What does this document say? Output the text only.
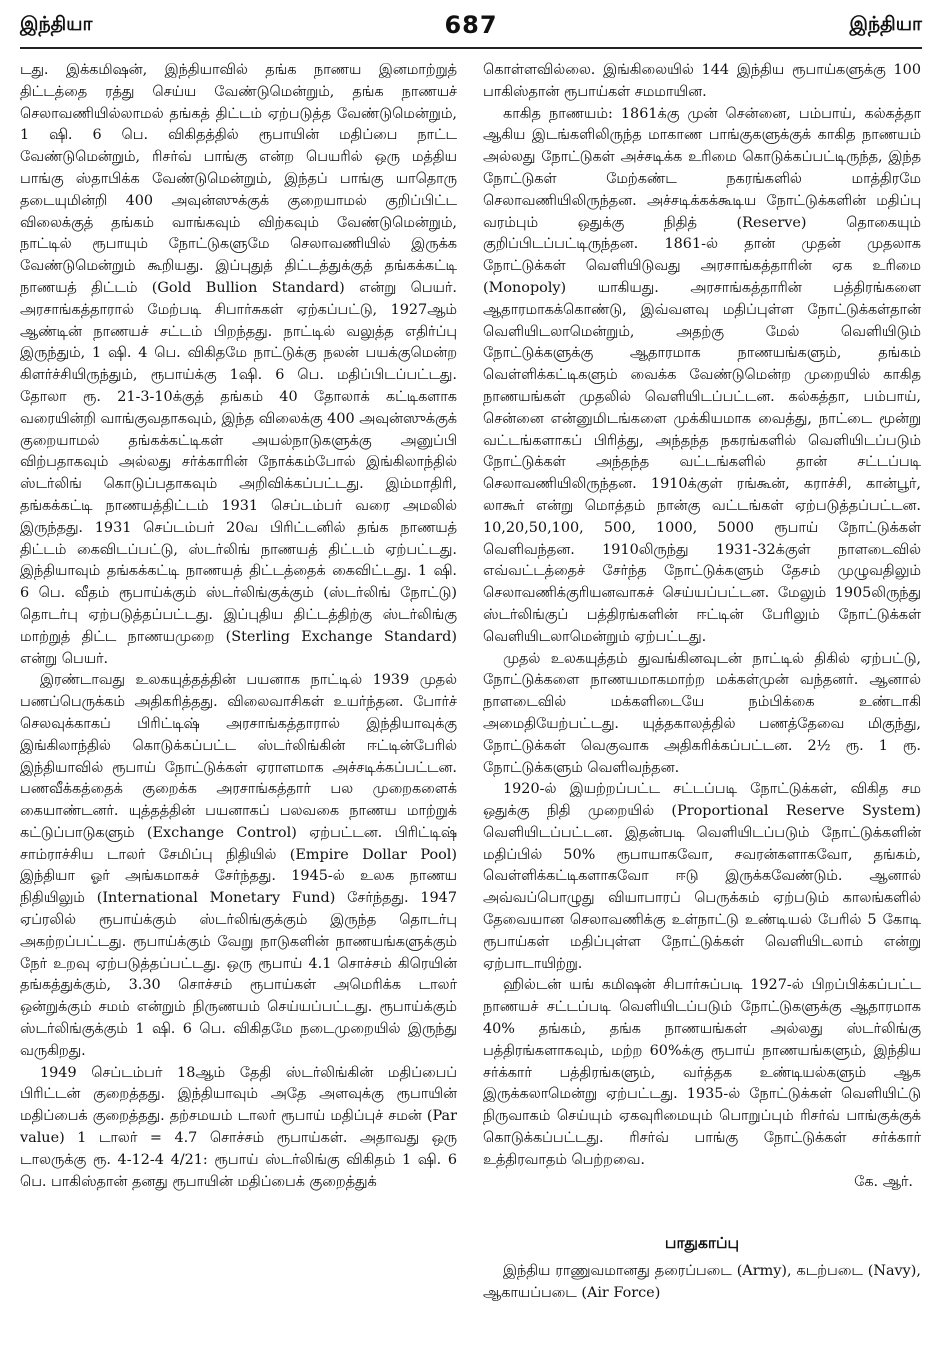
இந்தியா	687	இந்தியா

டது. இக்கமிஷன், இந்தியாவில் தங்க நாணய இனமாற்றுத் திட்டத்தை ரத்து செய்ய வேண்டுமென்றும், தங்க நாணயச் செலாவணியில்லாமல் தங்கத் திட்டம் ஏற்படுத்த வேண்டுமென்றும், 1 ஷி. 6 பெ. விகிதத்தில் ரூபாயின் மதிப்பை நாட்ட வேண்டுமென்றும், ரிசர்வ் பாங்கு என்ற பெயரில் ஒரு மத்திய பாங்கு ஸ்தாபிக்க வேண்டுமென்றும், இந்தப் பாங்கு யாதொரு தடையுமின்றி 400 அவுன்ஸுக்குக் குறையாமல் குறிப்பிட்ட விலைக்குத் தங்கம் வாங்கவும் விற்கவும் வேண்டுமென்றும், நாட்டில் ரூபாயும் நோட்டுகளுமே செலாவணியில் இருக்க வேண்டுமென்றும் கூறியது. இப்புதுத் திட்டத்துக்குத் தங்கக்கட்டி நாணயத் திட்டம் (Gold Bullion Standard) என்று பெயர். அரசாங்கத்தாரால் மேற்படி சிபார்சுகள் ஏற்கப்பட்டு, 1927ஆம் ஆண்டின் நாணயச் சட்டம் பிறந்தது. நாட்டில் வலுத்த எதிர்ப்பு இருந்தும், 1 ஷி. 4 பெ. விகிதமே நாட்டுக்கு நலன் பயக்குமென்ற கிளர்ச்சியிருந்தும், ரூபாய்க்கு 1ஷி. 6 பெ. மதிப்பிடப்பட்டது. தோலா ரூ. 21-3-10க்குத் தங்கம் 40 தோலாக் கட்டிகளாக வரையின்றி வாங்குவதாகவும், இந்த விலைக்கு 400 அவுன்ஸுக்குக் குறையாமல் தங்கக்கட்டிகள் அயல்நாடுகளுக்கு அனுப்பி விற்பதாகவும் அல்லது சர்க்காரின் நோக்கம்போல் இங்கிலாந்தில் ஸ்டர்லிங் கொடுப்பதாகவும் அறிவிக்கப்பட்டது. இம்மாதிரி, தங்கக்கட்டி நாணயத்திட்டம் 1931 செப்டம்பர் வரை அமலில் இருந்தது. 1931 செப்டம்பர் 20வ பிரிட்டனில் தங்க நாணயத் திட்டம் கைவிடப்பட்டு, ஸ்டர்லிங் நாணயத் திட்டம் ஏற்பட்டது. இந்தியாவும் தங்கக்கட்டி நாணயத் திட்டத்தைக் கைவிட்டது. 1 ஷி. 6 பெ. வீதம் ரூபாய்க்கும் ஸ்டர்லிங்குக்கும் (ஸ்டர்லிங் நோட்டு) தொடர்பு ஏற்படுத்தப்பட்டது. இப்புதிய திட்டத்திற்கு ஸ்டர்லிங்கு மாற்றுத் திட்ட நாணயமுறை (Sterling Exchange Standard) என்று பெயர்.

இரண்டாவது உலகயுத்தத்தின் பயனாக நாட்டில் 1939 முதல் பணப்பெருக்கம் அதிகரித்தது. விலைவாசிகள் உயர்ந்தன. போர்ச் செலவுக்காகப் பிரிட்டிஷ் அரசாங்கத்தாரால் இந்தியாவுக்கு இங்கிலாந்தில் கொடுக்கப்பட்ட ஸ்டர்லிங்கின் ஈட்டின்பேரில் இந்தியாவில் ரூபாய் நோட்டுக்கள் ஏராளமாக அச்சடிக்கப்பட்டன. பணவீக்கத்தைக் குறைக்க அரசாங்கத்தார் பல முறைகளைக் கையாண்டனர். யுத்தத்தின் பயனாகப் பலவகை நாணய மாற்றுக் கட்டுப்பாடுகளும் (Exchange Control) ஏற்பட்டன. பிரிட்டிஷ் சாம்ராச்சிய டாலர் சேமிப்பு நிதியில் (Empire Dollar Pool) இந்தியா ஓர் அங்கமாகச் சேர்ந்தது. 1945-ல் உலக நாணய நிதியிலும் (International Monetary Fund) சேர்ந்தது. 1947 ஏப்ரலில் ரூபாய்க்கும் ஸ்டர்லிங்குக்கும் இருந்த தொடர்பு அகற்றப்பட்டது. ரூபாய்க்கும் வேறு நாடுகளின் நாணயங்களுக்கும் நேர் உறவு ஏற்படுத்தப்பட்டது. ஒரு ரூபாய் 4.1 சொச்சம் கிரெயின் தங்கத்துக்கும், 3.30 சொச்சம் ரூபாய்கள் அமெரிக்க டாலர் ஒன்றுக்கும் சமம் என்றும் நிருணயம் செய்யப்பட்டது. ரூபாய்க்கும் ஸ்டர்லிங்குக்கும் 1 ஷி. 6 பெ. விகிதமே நடைமுறையில் இருந்து வருகிறது.

1949 செப்டம்பர் 18ஆம் தேதி ஸ்டர்லிங்கின் மதிப்பைப் பிரிட்டன் குறைத்தது. இந்தியாவும் அதே அளவுக்கு ரூபாயின் மதிப்பைக் குறைத்தது. தற்சமயம் டாலர் ரூபாய் மதிப்புச் சமன் (Par value) 1 டாலர் = 4.7 சொச்சம் ரூபாய்கள். அதாவது ஒரு டாலருக்கு ரூ. 4-12-4 4/21: ரூபாய் ஸ்டர்லிங்கு விகிதம் 1 ஷி. 6 பெ. பாகிஸ்தான் தனது ரூபாயின் மதிப்பைக் குறைத்துக்

கொள்ளவில்லை. இங்கிலையில் 144 இந்திய ரூபாய்களுக்கு 100 பாகிஸ்தான் ரூபாய்கள் சமமாயின.

காகித நாணயம்: 1861க்கு முன் சென்னை, பம்பாய், கல்கத்தா ஆகிய இடங்களிலிருந்த மாகாண பாங்குகளுக்குக் காகித நாணயம் அல்லது நோட்டுகள் அச்சடிக்க உரிமை கொடுக்கப்பட்டிருந்த, இந்த நோட்டுகள் மேற்கண்ட நகரங்களில் மாத்திரமே செலாவணியிலிருந்தன. அச்சடிக்கக்கூடிய நோட்டுக்களின் மதிப்பு வரம்பும் ஒதுக்கு நிதித் (Reserve) தொகையும் குறிப்பிடப்பட்டிருந்தன. 1861-ல் தான் முதன் முதலாக நோட்டுக்கள் வெளியிடுவது அரசாங்கத்தாரின் ஏக உரிமை (Monopoly) யாகியது. அரசாங்கத்தாரின் பத்திரங்களை ஆதாரமாகக்கொண்டு, இவ்வளவு மதிப்புள்ள நோட்டுக்கள்தான் வெளியிடலாமென்றும், அதற்கு மேல் வெளியிடும் நோட்டுக்களுக்கு ஆதாரமாக நாணயங்களும், தங்கம் வெள்ளிக்கட்டிகளும் வைக்க வேண்டுமென்ற முறையில் காகித நாணயங்கள் முதலில் வெளியிடப்பட்டன. கல்கத்தா, பம்பாய், சென்னை என்னுமிடங்களை முக்கியமாக வைத்து, நாட்டை மூன்று வட்டங்களாகப் பிரித்து, அந்தந்த நகரங்களில் வெளியிடப்படும் நோட்டுக்கள் அந்தந்த வட்டங்களில் தான் சட்டப்படி செலாவணியிலிருந்தன. 1910க்குள் ரங்கூன், கராச்சி, கான்பூர், லாகூர் என்று மொத்தம் நான்கு வட்டங்கள் ஏற்படுத்தப்பட்டன. 10,20,50,100, 500, 1000, 5000 ரூபாய் நோட்டுக்கள் வெளிவந்தன. 1910லிருந்து 1931-32க்குள் நாளடைவில் எவ்வட்டத்தைச் சேர்ந்த நோட்டுக்களும் தேசம் முழுவதிலும் செலாவணிக்குரியனவாகச் செய்யப்பட்டன. மேலும் 1905லிருந்து ஸ்டர்லிங்குப் பத்திரங்களின் ஈட்டின் பேரிலும் நோட்டுக்கள் வெளியிடலாமென்றும் ஏற்பட்டது.

முதல் உலகயுத்தம் துவங்கினவுடன் நாட்டில் திகில் ஏற்பட்டு, நோட்டுக்களை நாணயமாகமாற்ற மக்கள்முன் வந்தனர். ஆனால் நாளடைவில் மக்களிடையே நம்பிக்கை உண்டாகி அமைதியேற்பட்டது. யுத்தகாலத்தில் பணத்தேவை மிகுந்து, நோட்டுக்கள் வெகுவாக அதிகரிக்கப்பட்டன. 2½ ரூ. 1 ரூ. நோட்டுக்களும் வெளிவந்தன.

1920-ல் இயற்றப்பட்ட சட்டப்படி நோட்டுக்கள், விகித சம ஒதுக்கு நிதி முறையில் (Proportional Reserve System) வெளியிடப்பட்டன. இதன்படி வெளியிடப்படும் நோட்டுக்களின் மதிப்பில் 50% ரூபாயாகவோ, சவரன்களாகவோ, தங்கம், வெள்ளிக்கட்டிகளாகவோ ஈடு இருக்கவேண்டும். ஆனால் அவ்வப்பொழுது வியாபாரப் பெருக்கம் ஏற்படும் காலங்களில் தேவையான செலாவணிக்கு உள்நாட்டு உண்டியல் பேரில் 5 கோடி ரூபாய்கள் மதிப்புள்ள நோட்டுக்கள் வெளியிடலாம் என்று ஏற்பாடாயிற்று.

ஹில்டன் யங் கமிஷன் சிபார்சுப்படி 1927-ல் பிறப்பிக்கப்பட்ட நாணயச் சட்டப்படி வெளியிடப்படும் நோட்டுகளுக்கு ஆதாரமாக 40% தங்கம், தங்க நாணயங்கள் அல்லது ஸ்டர்லிங்கு பத்திரங்களாகவும், மற்ற 60%க்கு ரூபாய் நாணயங்களும், இந்திய சர்க்கார் பத்திரங்களும், வர்த்தக உண்டியல்களும் ஆக இருக்கலாமென்று ஏற்பட்டது. 1935-ல் நோட்டுக்கள் வெளியிட்டு நிருவாகம் செய்யும் ஏகவுரிமையும் பொறுப்பும் ரிசர்வ் பாங்குக்குக் கொடுக்கப்பட்டது. ரிசர்வ் பாங்கு நோட்டுக்கள் சர்க்கார் உத்திரவாதம் பெற்றவை.

கே. ஆர்.

பாதுகாப்பு

இந்திய ராணுவமானது தரைப்படை (Army), கடற்படை (Navy), ஆகாயப்படை (Air Force)
